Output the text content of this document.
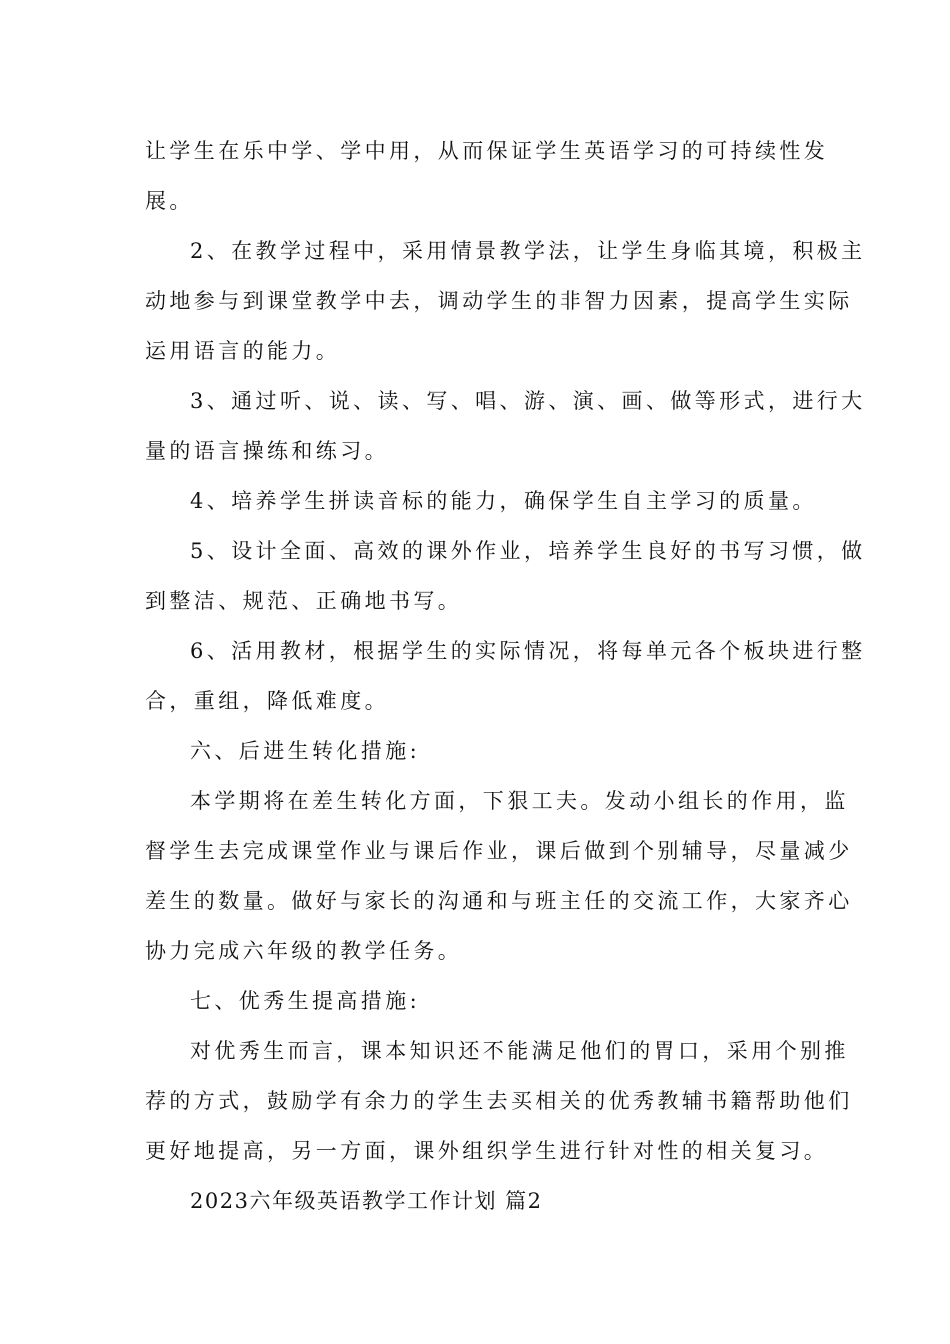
让学生在乐中学、学中用，从而保证学生英语学习的可持续性发
展。
2、在教学过程中，采用情景教学法，让学生身临其境，积极主
动地参与到课堂教学中去，调动学生的非智力因素，提高学生实际
运用语言的能力。
3、通过听、说、读、写、唱、游、演、画、做等形式，进行大
量的语言操练和练习。
4、培养学生拼读音标的能力，确保学生自主学习的质量。
5、设计全面、高效的课外作业，培养学生良好的书写习惯，做
到整洁、规范、正确地书写。
6、活用教材，根据学生的实际情况，将每单元各个板块进行整
合，重组，降低难度。
六、后进生转化措施:
本学期将在差生转化方面，下狠工夫。发动小组长的作用，监
督学生去完成课堂作业与课后作业，课后做到个别辅导，尽量减少
差生的数量。做好与家长的沟通和与班主任的交流工作，大家齐心
协力完成六年级的教学任务。
七、优秀生提高措施:
对优秀生而言，课本知识还不能满足他们的胃口，采用个别推
荐的方式，鼓励学有余力的学生去买相关的优秀教辅书籍帮助他们
更好地提高，另一方面，课外组织学生进行针对性的相关复习。
2023六年级英语教学工作计划 篇2
